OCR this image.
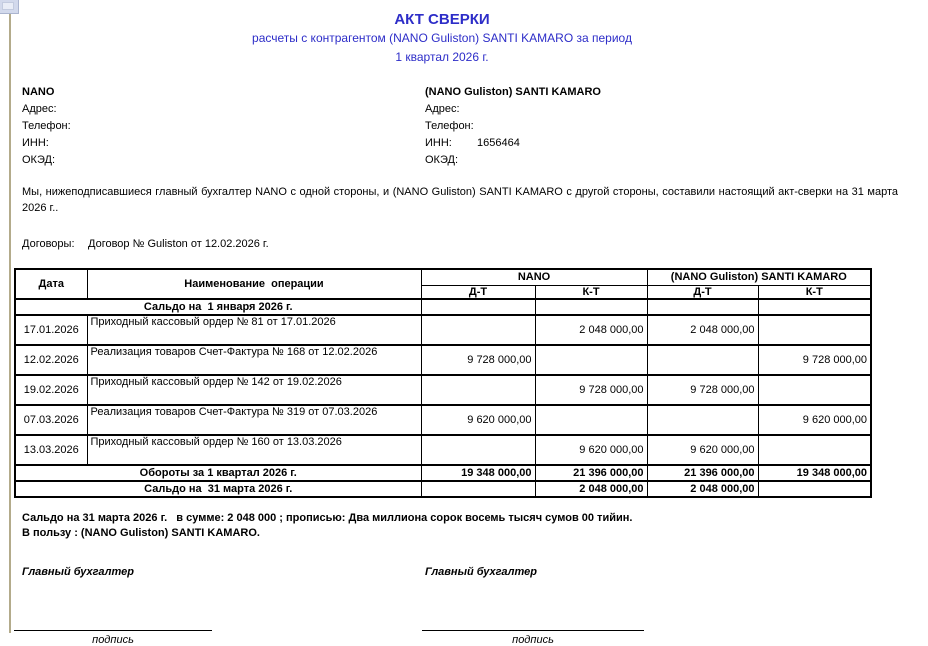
АКТ СВЕРКИ
расчеты с контрагентом (NANO Guliston) SANTI KAMARO за период
1 квартал 2026 г.
NANO
Адрес:
Телефон:
ИНН:
ОКЭД:
(NANO Guliston) SANTI KAMARO
Адрес:
Телефон:
ИНН: 1656464
ОКЭД:
Мы, нижеподписавшиеся главный бухгалтер NANO с одной стороны, и (NANO Guliston) SANTI KAMARO с другой стороны, составили настоящий акт-сверки на 31 марта 2026 г..
Договоры: Договор № Guliston от 12.02.2026 г.
Дата	Наименование  операции	NANO		(NANO Guliston) SANTI KAMARO	
		Д-Т	К-Т	Д-Т	К-Т
Сальдо на  1 января 2026 г.					
17.01.2026	Приходный кассовый ордер № 81 от 17.01.2026		2 048 000,00	2 048 000,00	
12.02.2026	Реализация товаров Счет-Фактура № 168 от 12.02.2026	9 728 000,00			9 728 000,00
19.02.2026	Приходный кассовый ордер № 142 от 19.02.2026		9 728 000,00	9 728 000,00	
07.03.2026	Реализация товаров Счет-Фактура № 319 от 07.03.2026	9 620 000,00			9 620 000,00
13.03.2026	Приходный кассовый ордер № 160 от 13.03.2026		9 620 000,00	9 620 000,00	
Обороты за 1 квартал 2026 г.		19 348 000,00	21 396 000,00	21 396 000,00	19 348 000,00
Сальдо на  31 марта 2026 г.			2 048 000,00	2 048 000,00	
Сальдо на 31 марта 2026 г.   в сумме: 2 048 000 ; прописью: Два миллиона сорок восемь тысяч сумов 00 тийин.
В пользу : (NANO Guliston) SANTI KAMARO.
Главный бухгалтер	Главный бухгалтер
подпись	подпись
